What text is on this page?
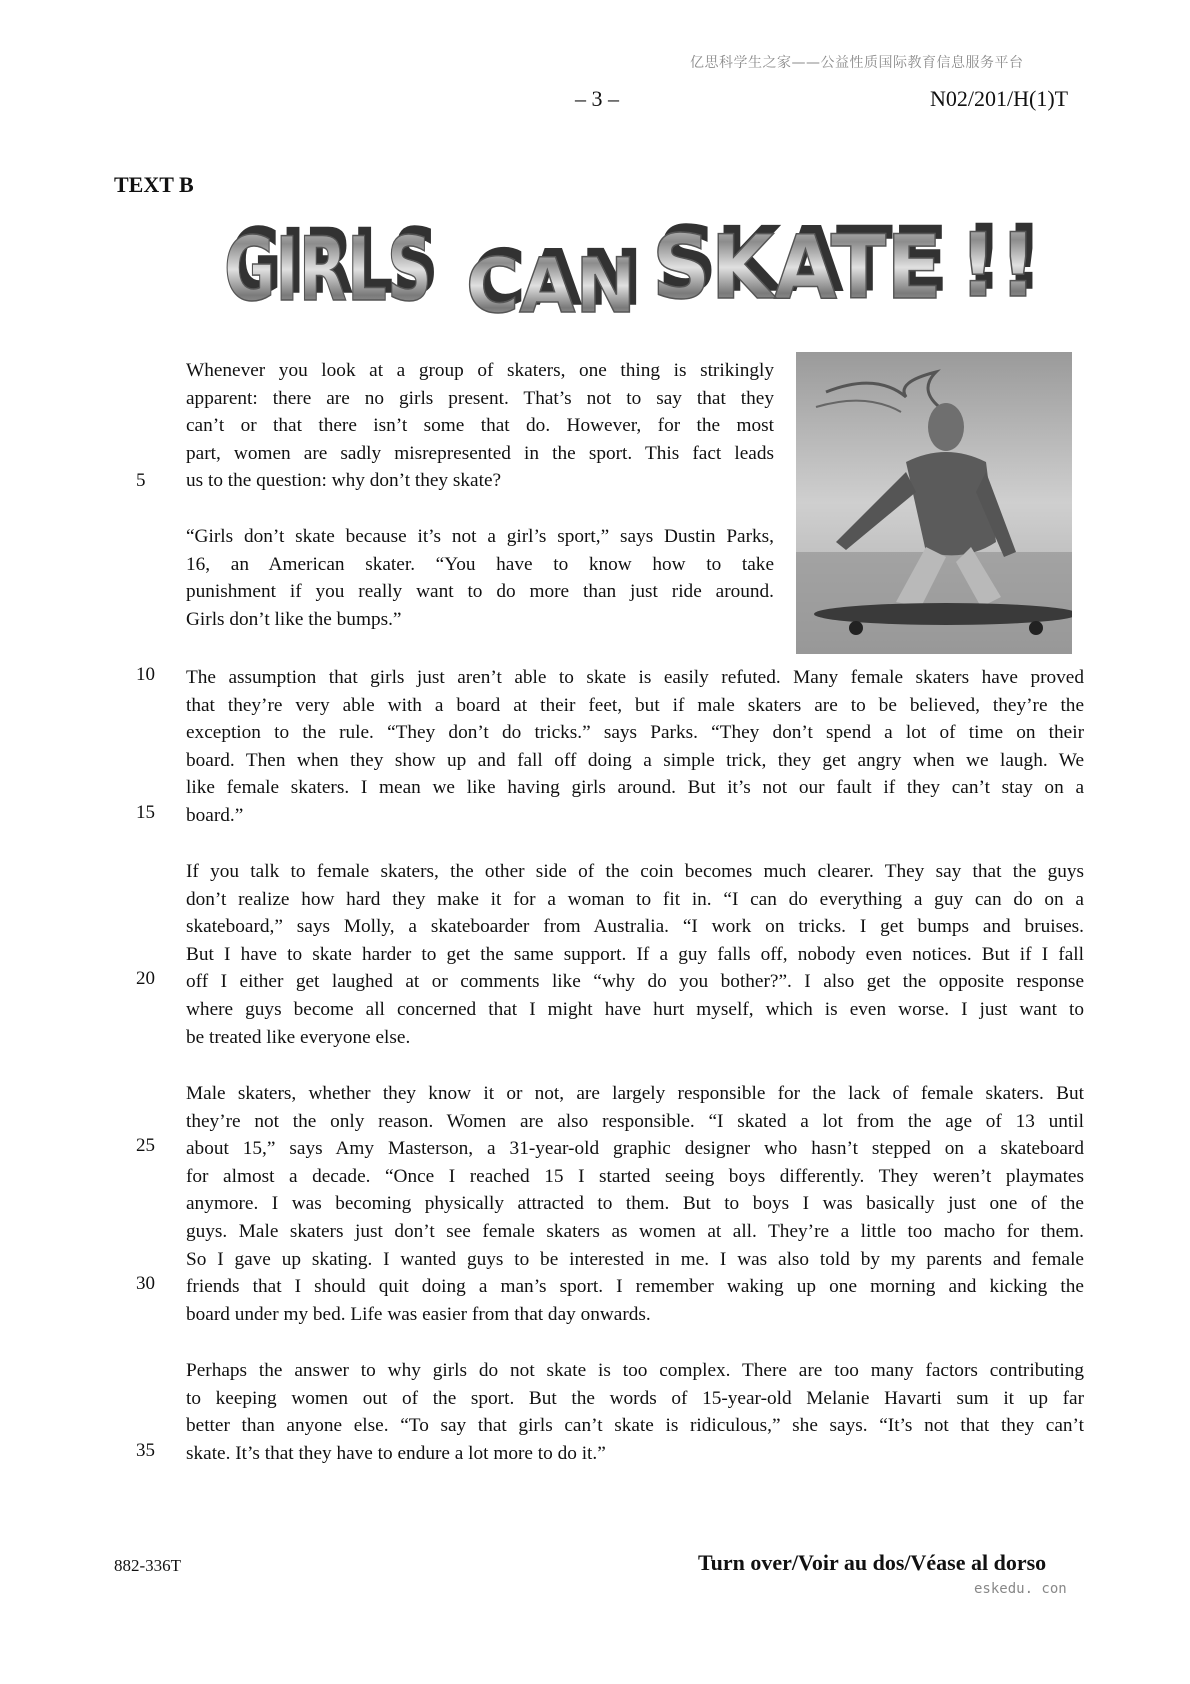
亿思科学生之家——公益性质国际教育信息服务平台
– 3 –	N02/201/H(1)T
TEXT B
GIRLS CAN SKATE !!
Whenever you look at a group of skaters, one thing is strikingly
apparent: there are no girls present. That’s not to say that they
can’t or that there isn’t some that do. However, for the most
part, women are sadly misrepresented in the sport. This fact leads
us to the question: why don’t they skate?
“Girls don’t skate because it’s not a girl’s sport,” says Dustin Parks,
16, an American skater. “You have to know how to take
punishment if you really want to do more than just ride around.
Girls don’t like the bumps.”
The assumption that girls just aren’t able to skate is easily refuted. Many female skaters have proved
that they’re very able with a board at their feet, but if male skaters are to be believed, they’re the
exception to the rule. “They don’t do tricks.” says Parks. “They don’t spend a lot of time on their
board. Then when they show up and fall off doing a simple trick, they get angry when we laugh. We
like female skaters. I mean we like having girls around. But it’s not our fault if they can’t stay on a
board.”
If you talk to female skaters, the other side of the coin becomes much clearer. They say that the guys
don’t realize how hard they make it for a woman to fit in. “I can do everything a guy can do on a
skateboard,” says Molly, a skateboarder from Australia. “I work on tricks. I get bumps and bruises.
But I have to skate harder to get the same support. If a guy falls off, nobody even notices. But if I fall
off I either get laughed at or comments like “why do you bother?”. I also get the opposite response
where guys become all concerned that I might have hurt myself, which is even worse. I just want to
be treated like everyone else.
Male skaters, whether they know it or not, are largely responsible for the lack of female skaters. But
they’re not the only reason. Women are also responsible. “I skated a lot from the age of 13 until
about 15,” says Amy Masterson, a 31-year-old graphic designer who hasn’t stepped on a skateboard
for almost a decade. “Once I reached 15 I started seeing boys differently. They weren’t playmates
anymore. I was becoming physically attracted to them. But to boys I was basically just one of the
guys. Male skaters just don’t see female skaters as women at all. They’re a little too macho for them.
So I gave up skating. I wanted guys to be interested in me. I was also told by my parents and female
friends that I should quit doing a man’s sport. I remember waking up one morning and kicking the
board under my bed. Life was easier from that day onwards.
Perhaps the answer to why girls do not skate is too complex. There are too many factors contributing
to keeping women out of the sport. But the words of 15-year-old Melanie Havarti sum it up far
better than anyone else. “To say that girls can’t skate is ridiculous,” she says. “It’s not that they can’t
skate. It’s that they have to endure a lot more to do it.”
5
10
15
20
25
30
35
882-336T	Turn over/Voir au dos/Véase al dorso
eskedu. con
